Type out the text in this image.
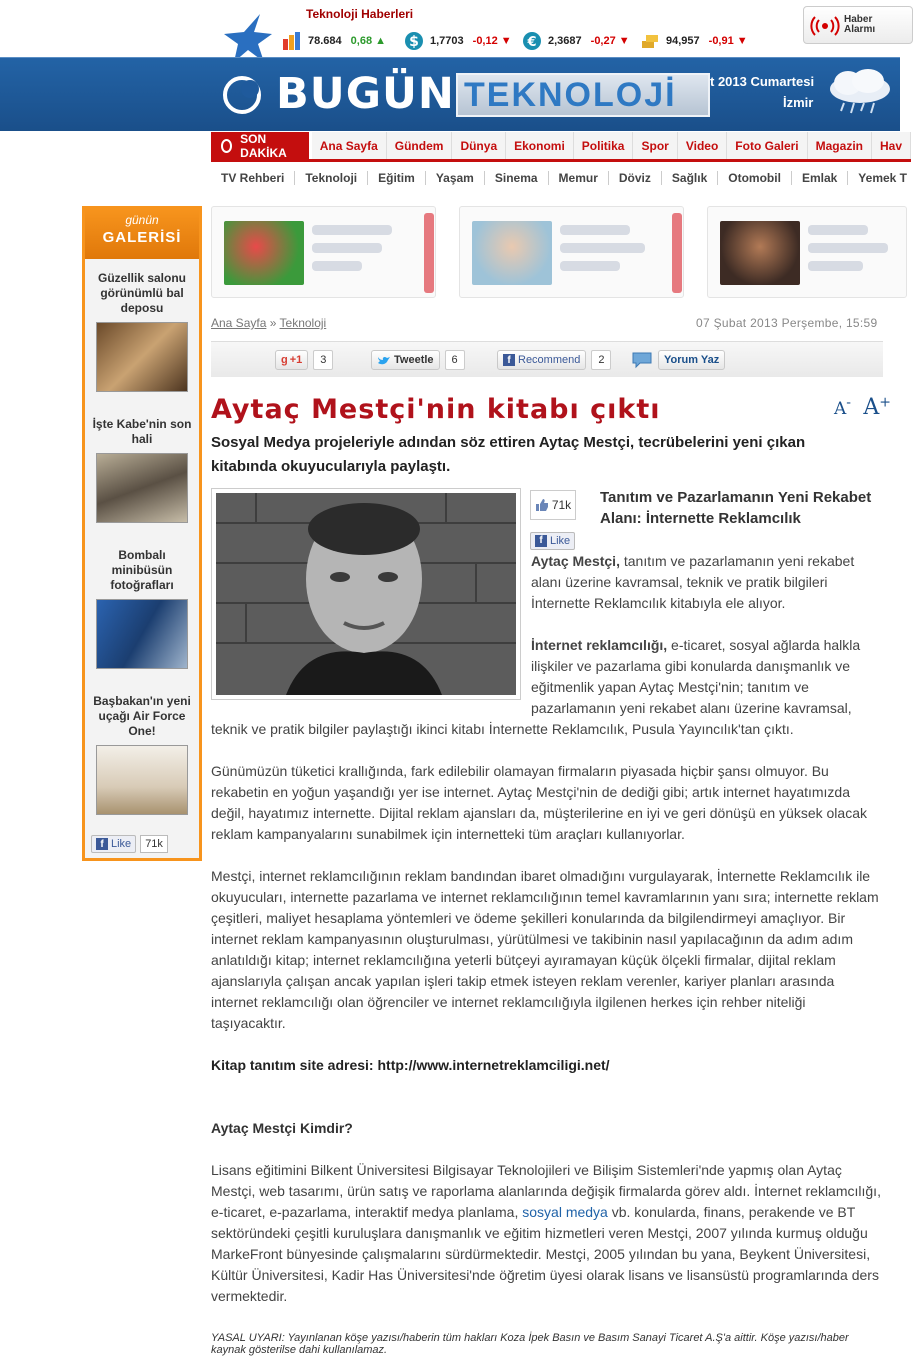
Teknoloji Haberleri
78.684 0,68 ▲ $ 1,7703 -0,12 ▼ € 2,3687 -0,27 ▼	94,957 -0,91 ▼
Haber Alarmı
BUGÜN TEKNOLOJİ	t 2013 Cumartesi
İzmir
SON DAKİKA	Ana Sayfa	Gündem	Dünya	Ekonomi	Politika	Spor	Video	Foto Galeri	Magazin	Hav
TV Rehberi	Teknoloji	Eğitim	Yaşam	Sinema	Memur	Döviz	Sağlık	Otomobil	Emlak	Yemek T
günün
GALERİSİ
Güzellik salonu görünümlü bal deposu
İşte Kabe'nin son hali
Bombalı minibüsün fotoğrafları
Başbakan'ın yeni uçağı Air Force One!
f Like	71k
Ana Sayfa » Teknoloji	07 Şubat 2013 Perşembe, 15:59
g +1	3	Tweetle	6	f Recommend	2	Yorum Yaz
Aytaç Mestçi'nin kitabı çıktı	A- A+

Sosyal Medya projeleriyle adından söz ettiren Aytaç Mestçi, tecrübelerini yeni çıkan kitabında okuyucularıyla paylaştı.

71k
f Like
Tanıtım ve Pazarlamanın Yeni Rekabet Alanı: İnternette Reklamcılık
Aytaç Mestçi, tanıtım ve pazarlamanın yeni rekabet alanı üzerine kavramsal, teknik ve pratik bilgileri İnternette Reklamcılık kitabıyla ele alıyor.
İnternet reklamcılığı, e-ticaret, sosyal ağlarda halkla ilişkiler ve pazarlama gibi konularda danışmanlık ve eğitmenlik yapan Aytaç Mestçi'nin; tanıtım ve pazarlamanın yeni rekabet alanı üzerine kavramsal,
teknik ve pratik bilgiler paylaştığı ikinci kitabı İnternette Reklamcılık, Pusula Yayıncılık'tan çıktı.
Günümüzün tüketici krallığında, fark edilebilir olamayan firmaların piyasada hiçbir şansı olmuyor. Bu rekabetin en yoğun yaşandığı yer ise internet. Aytaç Mestçi'nin de dediği gibi; artık internet hayatımızda değil, hayatımız internette. Dijital reklam ajansları da, müşterilerine en iyi ve geri dönüşü en yüksek olacak reklam kampanyalarını sunabilmek için internetteki tüm araçları kullanıyorlar.
Mestçi, internet reklamcılığının reklam bandından ibaret olmadığını vurgulayarak, İnternette Reklamcılık ile okuyucuları, internette pazarlama ve internet reklamcılığının temel kavramlarının yanı sıra; internette reklam çeşitleri, maliyet hesaplama yöntemleri ve ödeme şekilleri konularında da bilgilendirmeyi amaçlıyor. Bir internet reklam kampanyasının oluşturulması, yürütülmesi ve takibinin nasıl yapılacağının da adım adım anlatıldığı kitap; internet reklamcılığına yeterli bütçeyi ayıramayan küçük ölçekli firmalar, dijital reklam ajanslarıyla çalışan ancak yapılan işleri takip etmek isteyen reklam verenler, kariyer planları arasında internet reklamcılığı olan öğrenciler ve internet reklamcılığıyla ilgilenen herkes için rehber niteliği taşıyacaktır.
Kitap tanıtım site adresi: http://www.internetreklamciligi.net/
Aytaç Mestçi Kimdir?
Lisans eğitimini Bilkent Üniversitesi Bilgisayar Teknolojileri ve Bilişim Sistemleri'nde yapmış olan Aytaç Mestçi, web tasarımı, ürün satış ve raporlama alanlarında değişik firmalarda görev aldı. İnternet reklamcılığı, e-ticaret, e-pazarlama, interaktif medya planlama, sosyal medya vb. konularda, finans, perakende ve BT sektöründeki çeşitli kuruluşlara danışmanlık ve eğitim hizmetleri veren Mestçi, 2007 yılında kurmuş olduğu MarkeFront bünyesinde çalışmalarını sürdürmektedir. Mestçi, 2005 yılından bu yana, Beykent Üniversitesi, Kültür Üniversitesi, Kadir Has Üniversitesi'nde öğretim üyesi olarak lisans ve lisansüstü programlarında ders vermektedir.
YASAL UYARI: Yayınlanan köşe yazısı/haberin tüm hakları Koza İpek Basın ve Basım Sanayi Ticaret A.Ş'a aittir. Köşe yazısı/haber kaynak gösterilse dahi kullanılamaz.
